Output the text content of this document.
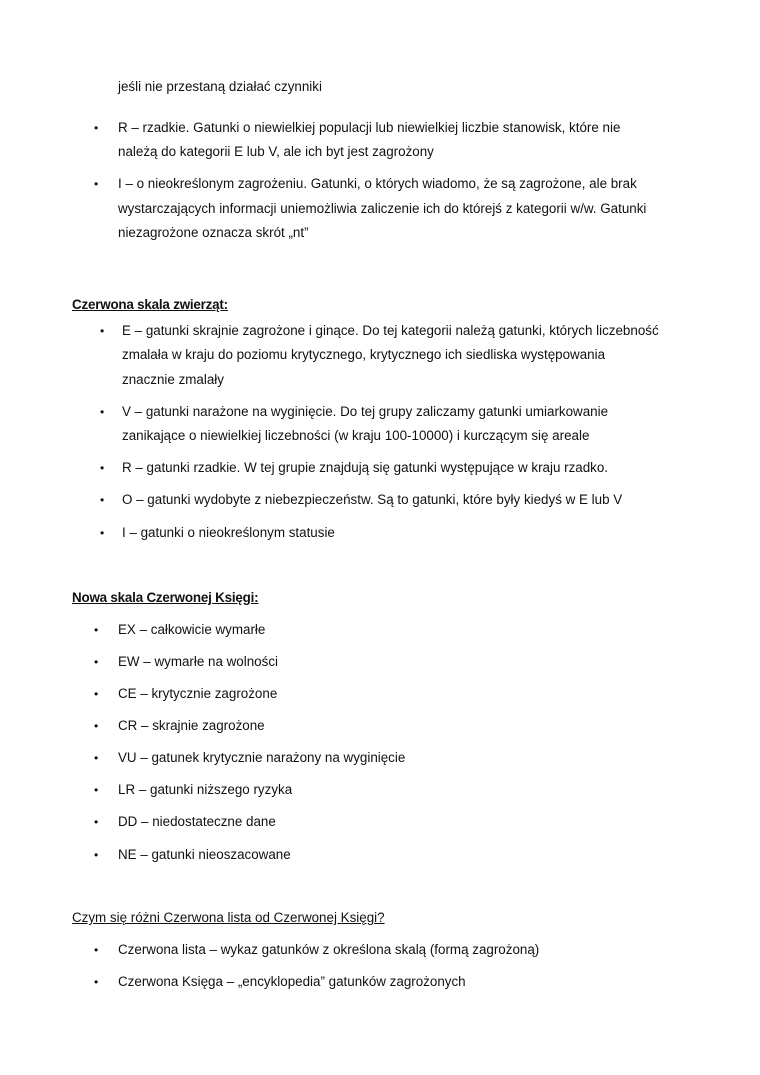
jeśli nie przestaną działać czynniki
• R – rzadkie. Gatunki o niewielkiej populacji lub niewielkiej liczbie stanowisk, które nie
należą do kategorii E lub V, ale ich byt jest zagrożony
• I – o nieokreślonym zagrożeniu. Gatunki, o których wiadomo, że są zagrożone, ale brak
wystarczających informacji uniemożliwia zaliczenie ich do którejś z kategorii w/w. Gatunki
niezagrożone oznacza skrót „nt”
Czerwona skala zwierząt:
• E – gatunki skrajnie zagrożone i ginące. Do tej kategorii należą gatunki, których liczebność
zmalała w kraju do poziomu krytycznego, krytycznego ich siedliska występowania
znacznie zmalały
• V – gatunki narażone na wyginięcie. Do tej grupy zaliczamy gatunki umiarkowanie
zanikające o niewielkiej liczebności (w kraju 100-10000) i kurczącym się areale
• R – gatunki rzadkie. W tej grupie znajdują się gatunki występujące w kraju rzadko.
• O – gatunki wydobyte z niebezpieczeństw. Są to gatunki, które były kiedyś w E lub V
• I – gatunki o nieokreślonym statusie
Nowa skala Czerwonej Księgi:
• EX – całkowicie wymarłe
• EW – wymarłe na wolności
• CE – krytycznie zagrożone
• CR – skrajnie zagrożone
• VU – gatunek krytycznie narażony na wyginięcie
• LR – gatunki niższego ryzyka
• DD – niedostateczne dane
• NE – gatunki nieoszacowane
Czym się różni Czerwona lista od Czerwonej Księgi?
• Czerwona lista – wykaz gatunków z określona skalą (formą zagrożoną)
• Czerwona Księga – „encyklopedia” gatunków zagrożonych
